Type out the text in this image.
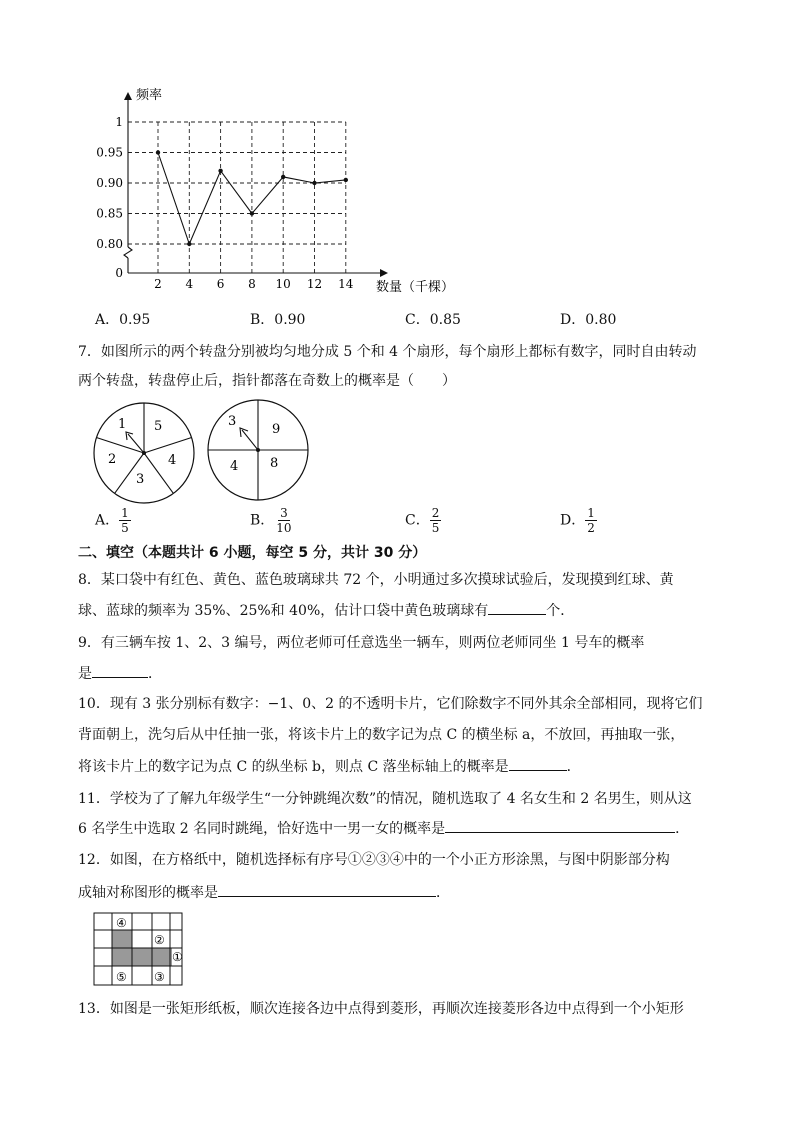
2 4 6 8 10 12 14
1
0.95
0.90
0.85
0.80
0
频率
数量（千棵）
A．0.95	B．0.90	C．0.85	D．0.80
7．如图所示的两个转盘分别被均匀地分成 5 个和 4 个扇形，每个扇形上都标有数字，同时自由转动
两个转盘，转盘停止后，指针都落在奇数上的概率是（　　）
1 5
4
3
2
3
9
8
4
A． $\frac{1}{5}$	B． $\frac{3}{10}$	C． $\frac{2}{5}$	D． $\frac{1}{2}$
二、填空（本题共计 6 小题，每空 5 分，共计 30 分）
8．某口袋中有红色、黄色、蓝色玻璃球共 72 个，小明通过多次摸球试验后，发现摸到红球、黄
球、蓝球的频率为 35%、25%和 40%，估计口袋中黄色玻璃球有	个．
9．有三辆车按 1、2、3 编号，两位老师可任意选坐一辆车，则两位老师同坐 1 号车的概率
是	．
10．现有 3 张分别标有数字：−1、0、2 的不透明卡片，它们除数字不同外其余全部相同，现将它们
背面朝上，洗匀后从中任抽一张，将该卡片上的数字记为点 C 的横坐标 a，不放回，再抽取一张，
将该卡片上的数字记为点 C 的纵坐标 b，则点 C 落坐标轴上的概率是	．
11．学校为了了解九年级学生“一分钟跳绳次数”的情况，随机选取了 4 名女生和 2 名男生，则从这
6 名学生中选取 2 名同时跳绳，恰好选中一男一女的概率是	．
12．如图，在方格纸中，随机选择标有序号①②③④中的一个小正方形涂黑，与图中阴影部分构
成轴对称图形的概率是	．
④
②
①
⑤ ③
13．如图是一张矩形纸板，顺次连接各边中点得到菱形，再顺次连接菱形各边中点得到一个小矩形
